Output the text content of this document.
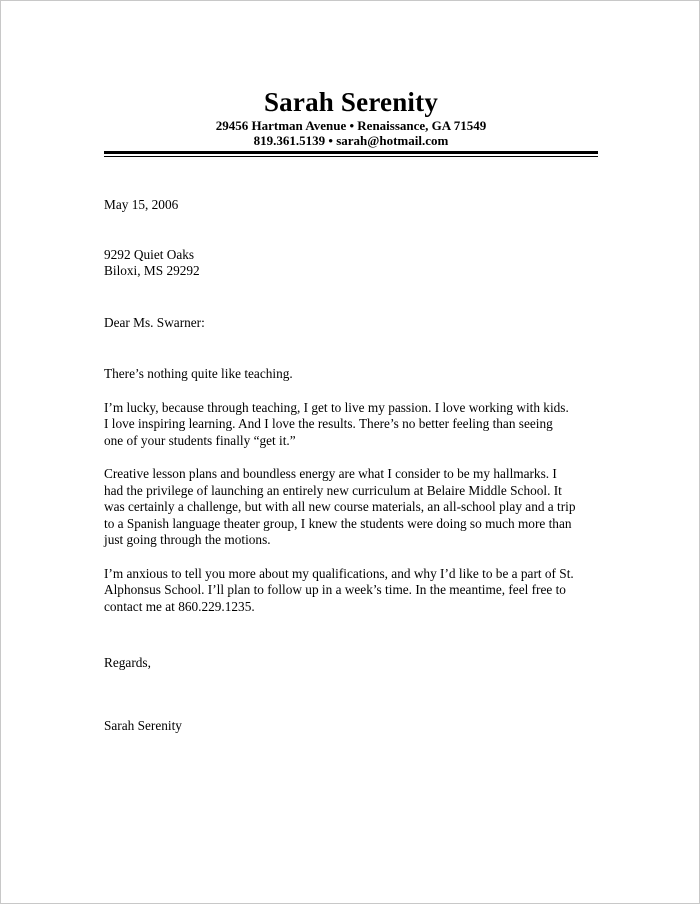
Sarah Serenity

29456 Hartman Avenue • Renaissance, GA 71549

819.361.5139 • sarah@hotmail.com

May 15, 2006

9292 Quiet Oaks

Biloxi, MS 29292

Dear Ms. Swarner:

There’s nothing quite like teaching.

I’m lucky, because through teaching, I get to live my passion. I love working with kids.

I love inspiring learning. And I love the results. There’s no better feeling than seeing

one of your students finally “get it.”

Creative lesson plans and boundless energy are what I consider to be my hallmarks. I

had the privilege of launching an entirely new curriculum at Belaire Middle School. It

was certainly a challenge, but with all new course materials, an all-school play and a trip

to a Spanish language theater group, I knew the students were doing so much more than

just going through the motions.

I’m anxious to tell you more about my qualifications, and why I’d like to be a part of St.

Alphonsus School. I’ll plan to follow up in a week’s time. In the meantime, feel free to

contact me at 860.229.1235.

Regards,

Sarah Serenity
